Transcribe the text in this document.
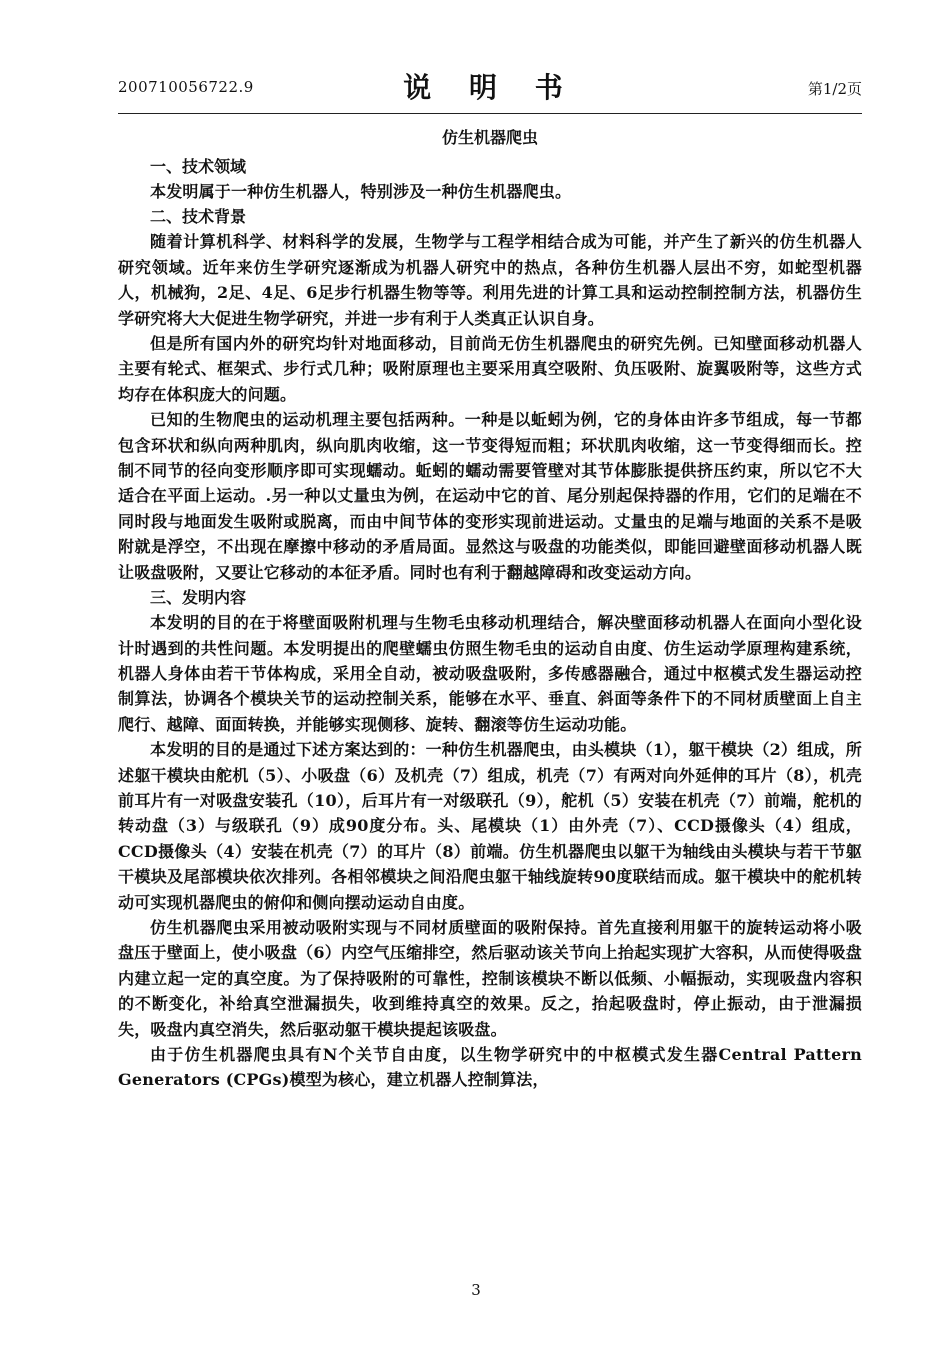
200710056722.9	说 明 书	第1/2页
仿生机器爬虫
一、技术领域

本发明属于一种仿生机器人，特别涉及一种仿生机器爬虫。

二、技术背景

随着计算机科学、材料科学的发展，生物学与工程学相结合成为可能，并产生了新兴的仿生机器人研究领域。近年来仿生学研究逐渐成为机器人研究中的热点，各种仿生机器人层出不穷，如蛇型机器人，机械狗，2足、4足、6足步行机器生物等等。利用先进的计算工具和运动控制控制方法，机器仿生学研究将大大促进生物学研究，并进一步有利于人类真正认识自身。

但是所有国内外的研究均针对地面移动，目前尚无仿生机器爬虫的研究先例。已知壁面移动机器人主要有轮式、框架式、步行式几种；吸附原理也主要采用真空吸附、负压吸附、旋翼吸附等，这些方式均存在体积庞大的问题。

已知的生物爬虫的运动机理主要包括两种。一种是以蚯蚓为例，它的身体由许多节组成，每一节都包含环状和纵向两种肌肉，纵向肌肉收缩，这一节变得短而粗；环状肌肉收缩，这一节变得细而长。控制不同节的径向变形顺序即可实现蠕动。蚯蚓的蠕动需要管壁对其节体膨胀提供挤压约束，所以它不大适合在平面上运动。.另一种以丈量虫为例，在运动中它的首、尾分别起保持器的作用，它们的足端在不同时段与地面发生吸附或脱离，而由中间节体的变形实现前进运动。丈量虫的足端与地面的关系不是吸附就是浮空，不出现在摩擦中移动的矛盾局面。显然这与吸盘的功能类似，即能回避壁面移动机器人既让吸盘吸附，又要让它移动的本征矛盾。同时也有利于翻越障碍和改变运动方向。

三、发明内容

本发明的目的在于将壁面吸附机理与生物毛虫移动机理结合，解决壁面移动机器人在面向小型化设计时遇到的共性问题。本发明提出的爬壁蠕虫仿照生物毛虫的运动自由度、仿生运动学原理构建系统，机器人身体由若干节体构成，采用全自动，被动吸盘吸附，多传感器融合，通过中枢模式发生器运动控制算法，协调各个模块关节的运动控制关系，能够在水平、垂直、斜面等条件下的不同材质壁面上自主爬行、越障、面面转换，并能够实现侧移、旋转、翻滚等仿生运动功能。

本发明的目的是通过下述方案达到的：一种仿生机器爬虫，由头模块（1），躯干模块（2）组成，所述躯干模块由舵机（5）、小吸盘（6）及机壳（7）组成，机壳（7）有两对向外延伸的耳片（8），机壳前耳片有一对吸盘安装孔（10），后耳片有一对级联孔（9），舵机（5）安装在机壳（7）前端，舵机的转动盘（3）与级联孔（9）成90度分布。头、尾模块（1）由外壳（7）、CCD摄像头（4）组成，CCD摄像头（4）安装在机壳（7）的耳片（8）前端。仿生机器爬虫以躯干为轴线由头模块与若干节躯干模块及尾部模块依次排列。各相邻模块之间沿爬虫躯干轴线旋转90度联结而成。躯干模块中的舵机转动可实现机器爬虫的俯仰和侧向摆动运动自由度。

仿生机器爬虫采用被动吸附实现与不同材质壁面的吸附保持。首先直接利用躯干的旋转运动将小吸盘压于壁面上，使小吸盘（6）内空气压缩排空，然后驱动该关节向上抬起实现扩大容积，从而使得吸盘内建立起一定的真空度。为了保持吸附的可靠性，控制该模块不断以低频、小幅振动，实现吸盘内容积的不断变化，补给真空泄漏损失，收到维持真空的效果。反之，抬起吸盘时，停止振动，由于泄漏损失，吸盘内真空消失，然后驱动躯干模块提起该吸盘。

由于仿生机器爬虫具有N个关节自由度，以生物学研究中的中枢模式发生器Central Pattern Generators (CPGs)模型为核心，建立机器人控制算法，

3
